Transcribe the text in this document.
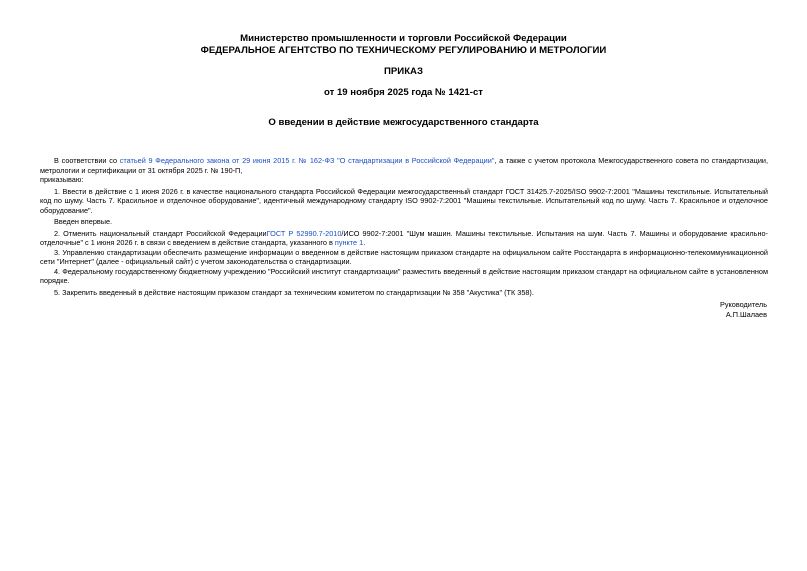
Министерство промышленности и торговли Российской Федерации
ФЕДЕРАЛЬНОЕ АГЕНТСТВО ПО ТЕХНИЧЕСКОМУ РЕГУЛИРОВАНИЮ И МЕТРОЛОГИИ
ПРИКАЗ
от 19 ноября 2025 года № 1421-ст
О введении в действие межгосударственного стандарта

В соответствии со статьей 9 Федерального закона от 29 июня 2015 г. № 162-ФЗ "О стандартизации в Российской Федерации", а также с учетом протокола Межгосударственного совета по стандартизации, метрологии и сертификации от 31 октября 2025 г. № 190-П,

приказываю:

1. Ввести в действие с 1 июня 2026 г. в качестве национального стандарта Российской Федерации межгосударственный стандарт ГОСТ 31425.7-2025/ISO 9902-7:2001 "Машины текстильные. Испытательный код по шуму. Часть 7. Красильное и отделочное оборудование", идентичный международному стандарту ISO 9902-7:2001 "Машины текстильные. Испытательный код по шуму. Часть 7. Красильное и отделочное оборудование".

Введен впервые.

2. Отменить национальный стандарт Российской ФедерацииГОСТ Р 52990.7-2010/ИСО 9902-7:2001 "Шум машин. Машины текстильные. Испытания на шум. Часть 7. Машины и оборудование красильно-отделочные" с 1 июня 2026 г. в связи с введением в действие стандарта, указанного в пункте 1.

3. Управлению стандартизации обеспечить размещение информации о введенном в действие настоящим приказом стандарте на официальном сайте Росстандарта в информационно-телекоммуникационной сети "Интернет" (далее - официальный сайт) с учетом законодательства о стандартизации.

4. Федеральному государственному бюджетному учреждению "Российский институт стандартизации" разместить введенный в действие настоящим приказом стандарт на официальном сайте в установленном порядке.

5. Закрепить введенный в действие настоящим приказом стандарт за техническим комитетом по стандартизации № 358 "Акустика" (ТК 358).

Руководитель
А.П.Шалаев
